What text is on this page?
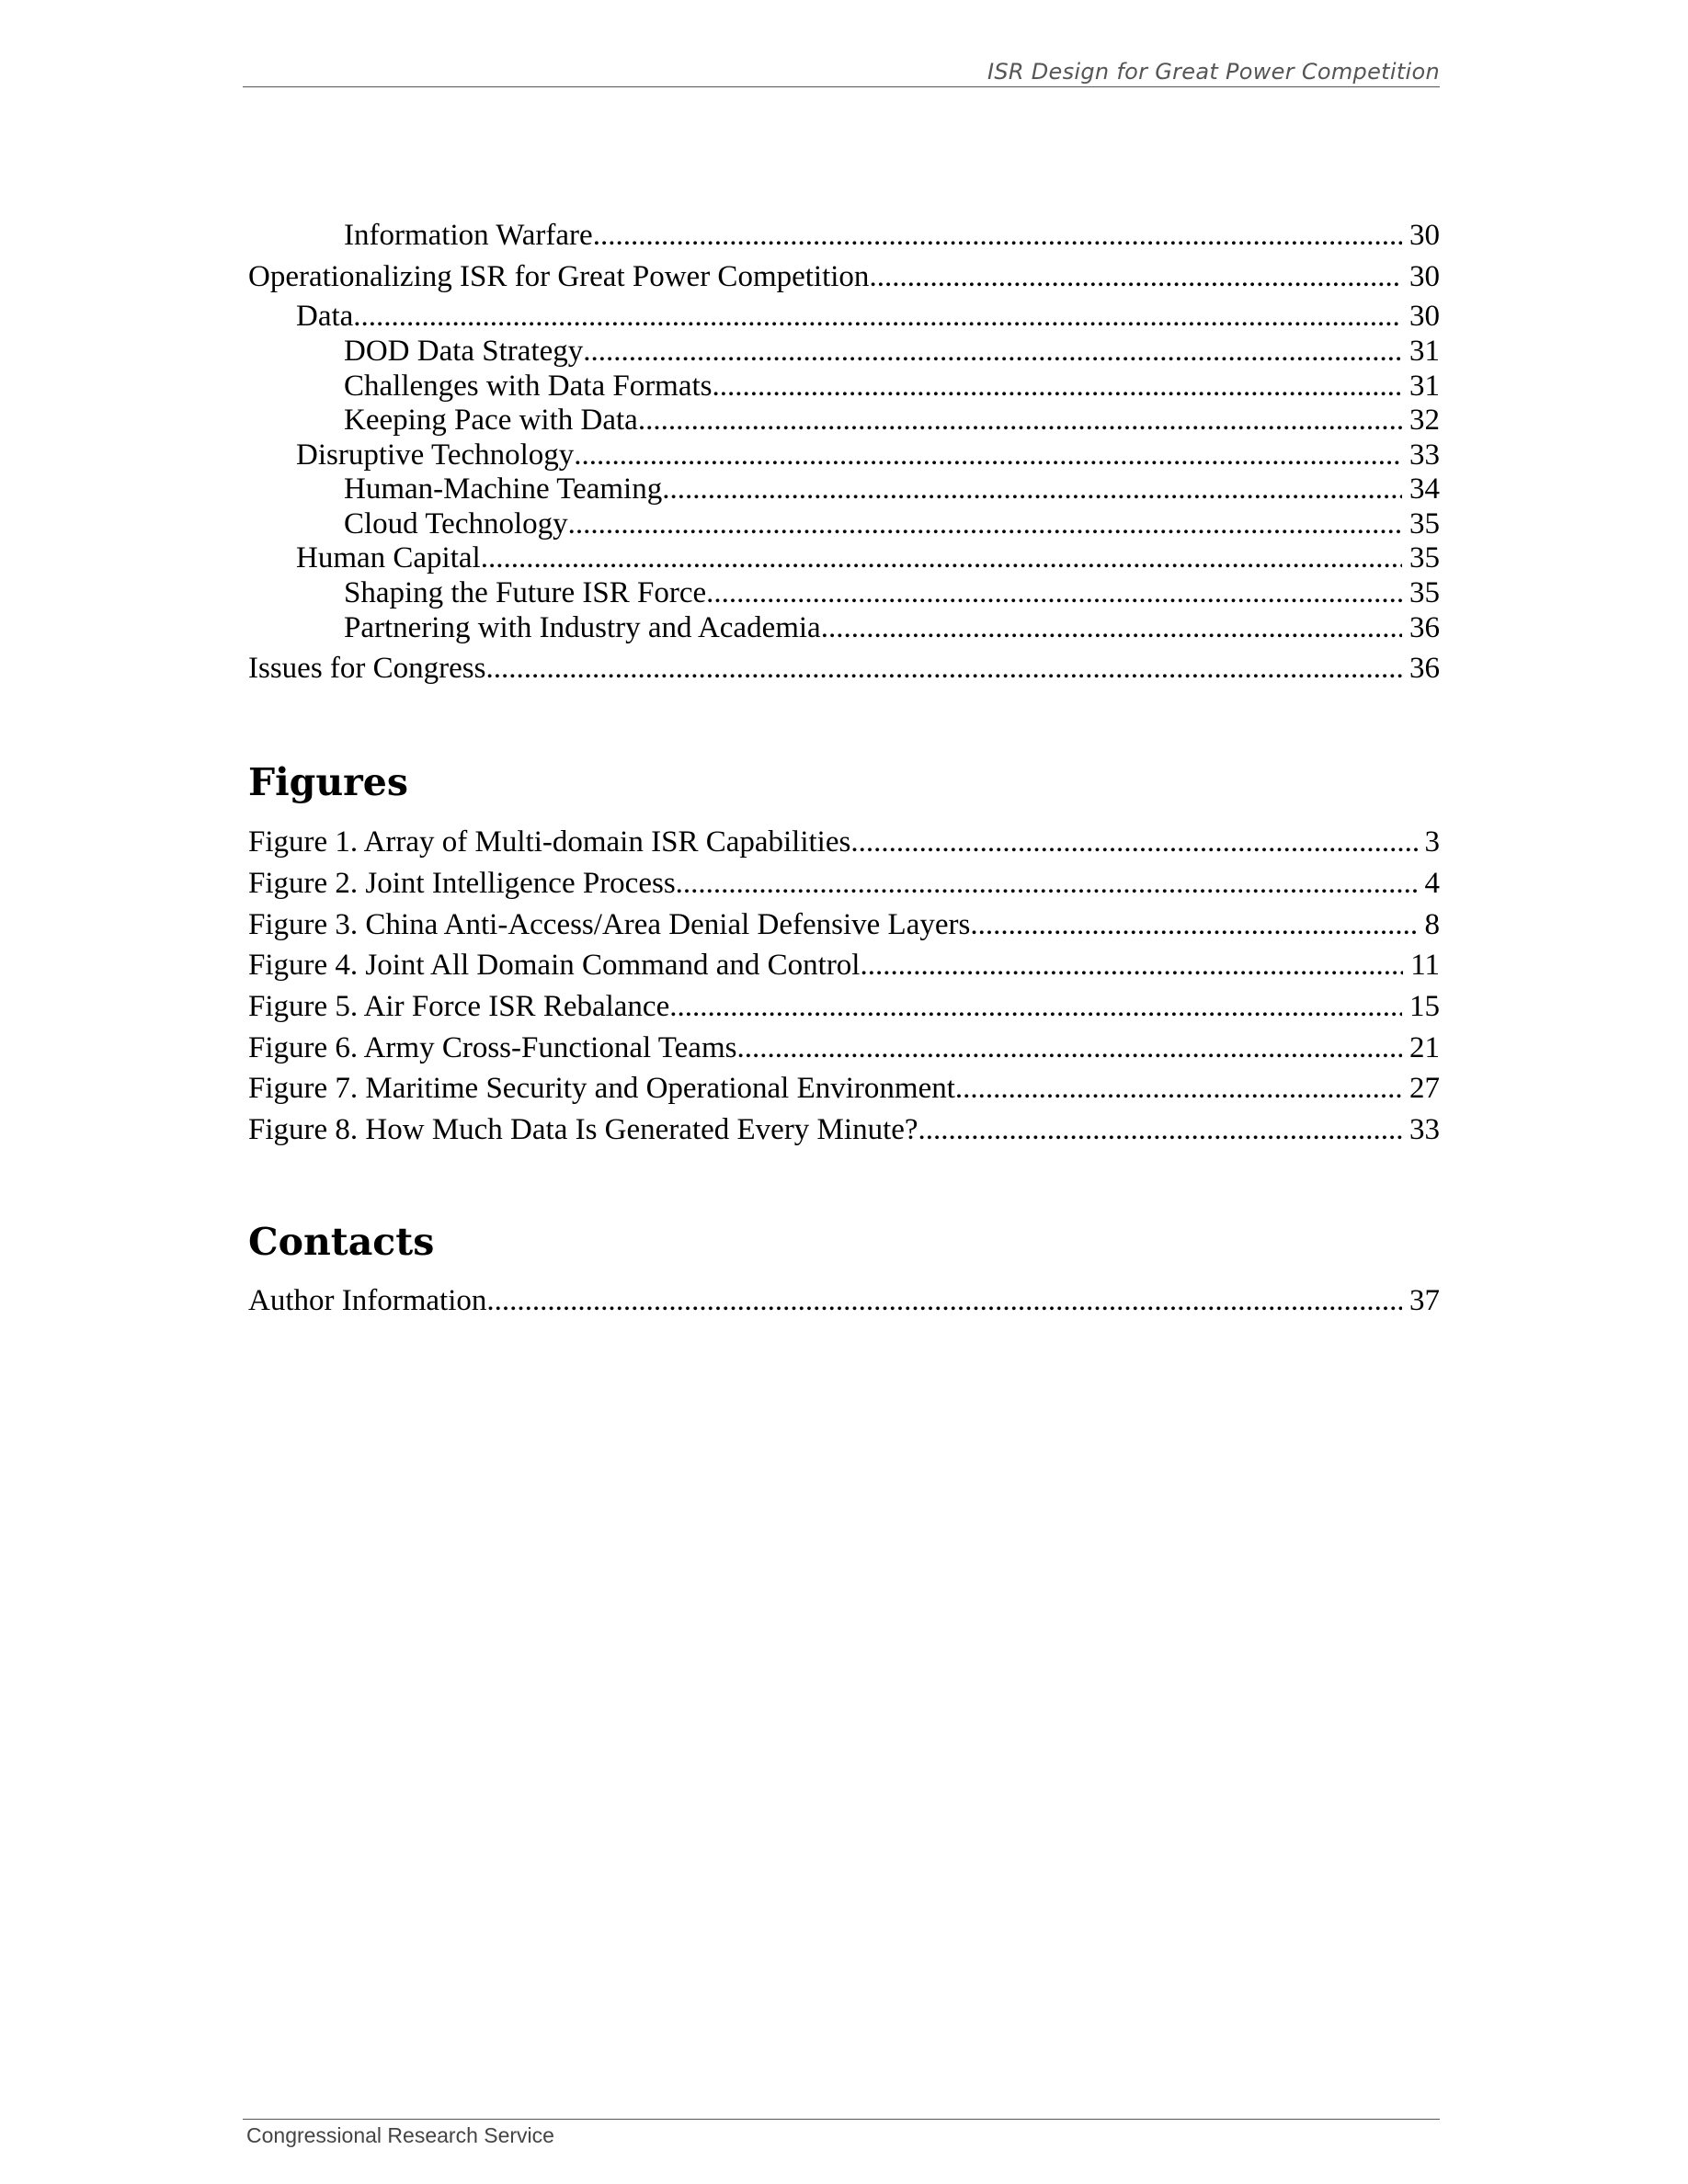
ISR Design for Great Power Competition
Information Warfare .....	30
Operationalizing ISR for Great Power Competition .....	30
Data .....	30
DOD Data Strategy .....	31
Challenges with Data Formats .....	31
Keeping Pace with Data .....	32
Disruptive Technology .....	33
Human-Machine Teaming .....	34
Cloud Technology .....	35
Human Capital .....	35
Shaping the Future ISR Force .....	35
Partnering with Industry and Academia .....	36
Issues for Congress .....	36
Figures
Figure 1. Array of Multi-domain ISR Capabilities .....	3
Figure 2. Joint Intelligence Process .....	4
Figure 3. China Anti-Access/Area Denial Defensive Layers .....	8
Figure 4. Joint All Domain Command and Control .....	11
Figure 5. Air Force ISR Rebalance .....	15
Figure 6. Army Cross-Functional Teams .....	21
Figure 7. Maritime Security and Operational Environment .....	27
Figure 8. How Much Data Is Generated Every Minute? .....	33
Contacts
Author Information .....	37
Congressional Research Service
